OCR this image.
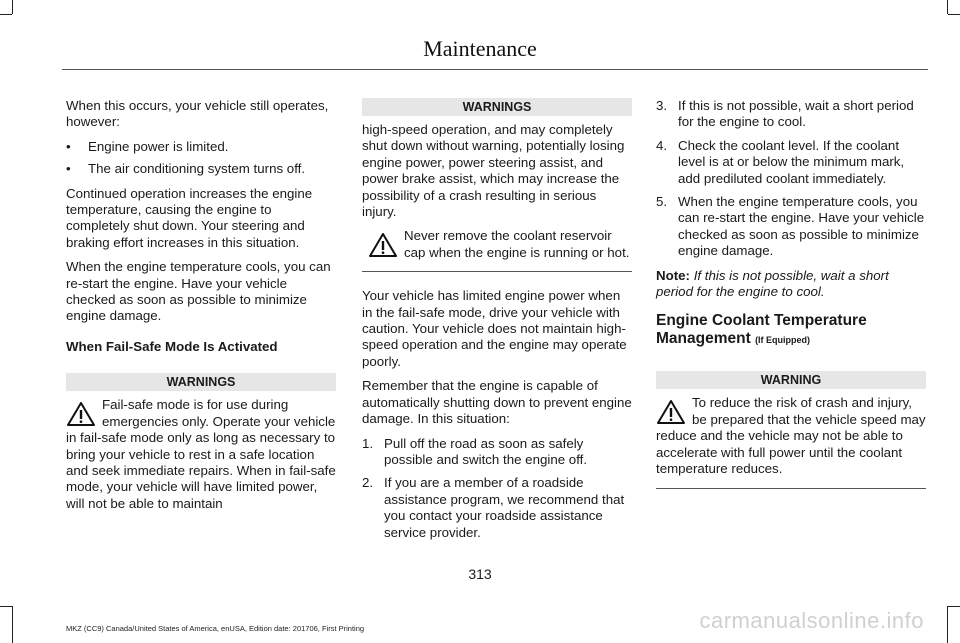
Maintenance

When this occurs, your vehicle still operates, however:

• Engine power is limited.
• The air conditioning system turns off.

Continued operation increases the engine temperature, causing the engine to completely shut down. Your steering and braking effort increases in this situation.

When the engine temperature cools, you can re-start the engine. Have your vehicle checked as soon as possible to minimize engine damage.

When Fail-Safe Mode Is Activated

WARNINGS
Fail-safe mode is for use during emergencies only. Operate your vehicle in fail-safe mode only as long as necessary to bring your vehicle to rest in a safe location and seek immediate repairs. When in fail-safe mode, your vehicle will have limited power, will not be able to maintain
WARNINGS

high-speed operation, and may completely shut down without warning, potentially losing engine power, power steering assist, and power brake assist, which may increase the possibility of a crash resulting in serious injury.

Never remove the coolant reservoir cap when the engine is running or hot.

Your vehicle has limited engine power when in the fail-safe mode, drive your vehicle with caution. Your vehicle does not maintain high-speed operation and the engine may operate poorly.

Remember that the engine is capable of automatically shutting down to prevent engine damage. In this situation:

1. Pull off the road as soon as safely possible and switch the engine off.
2. If you are a member of a roadside assistance program, we recommend that you contact your roadside assistance service provider.
3. If this is not possible, wait a short period for the engine to cool.
4. Check the coolant level. If the coolant level is at or below the minimum mark, add prediluted coolant immediately.
5. When the engine temperature cools, you can re-start the engine. Have your vehicle checked as soon as possible to minimize engine damage.

Note: If this is not possible, wait a short period for the engine to cool.

Engine Coolant Temperature Management (If Equipped)
WARNING
To reduce the risk of crash and injury, be prepared that the vehicle speed may reduce and the vehicle may not be able to accelerate with full power until the coolant temperature reduces.
313
MKZ (CC9) Canada/United States of America, enUSA, Edition date: 201706, First Printing	carmanualsonline.info
